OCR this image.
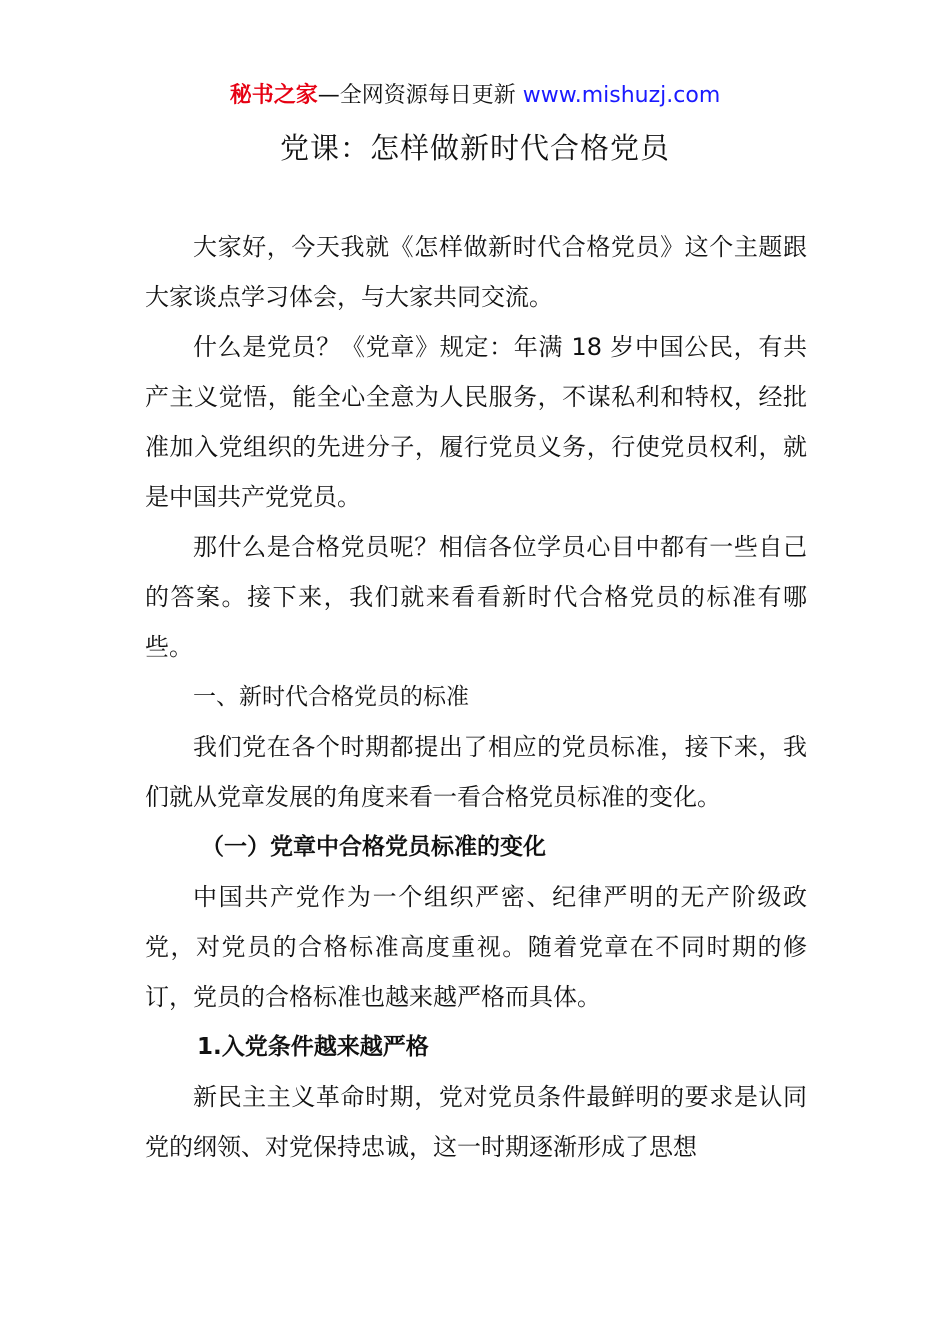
秘书之家—全网资源每日更新 www.mishuzj.com
党课：怎样做新时代合格党员

大家好，今天我就《怎样做新时代合格党员》这个主题跟大家谈点学习体会，与大家共同交流。

什么是党员？《党章》规定：年满 18 岁中国公民，有共产主义觉悟，能全心全意为人民服务，不谋私利和特权，经批准加入党组织的先进分子，履行党员义务，行使党员权利，就是中国共产党党员。

那什么是合格党员呢？相信各位学员心目中都有一些自己的答案。接下来，我们就来看看新时代合格党员的标准有哪些。

一、新时代合格党员的标准

我们党在各个时期都提出了相应的党员标准，接下来，我们就从党章发展的角度来看一看合格党员标准的变化。

（一）党章中合格党员标准的变化

中国共产党作为一个组织严密、纪律严明的无产阶级政党，对党员的合格标准高度重视。随着党章在不同时期的修订，党员的合格标准也越来越严格而具体。

1.入党条件越来越严格

新民主主义革命时期，党对党员条件最鲜明的要求是认同党的纲领、对党保持忠诚，这一时期逐渐形成了思想
